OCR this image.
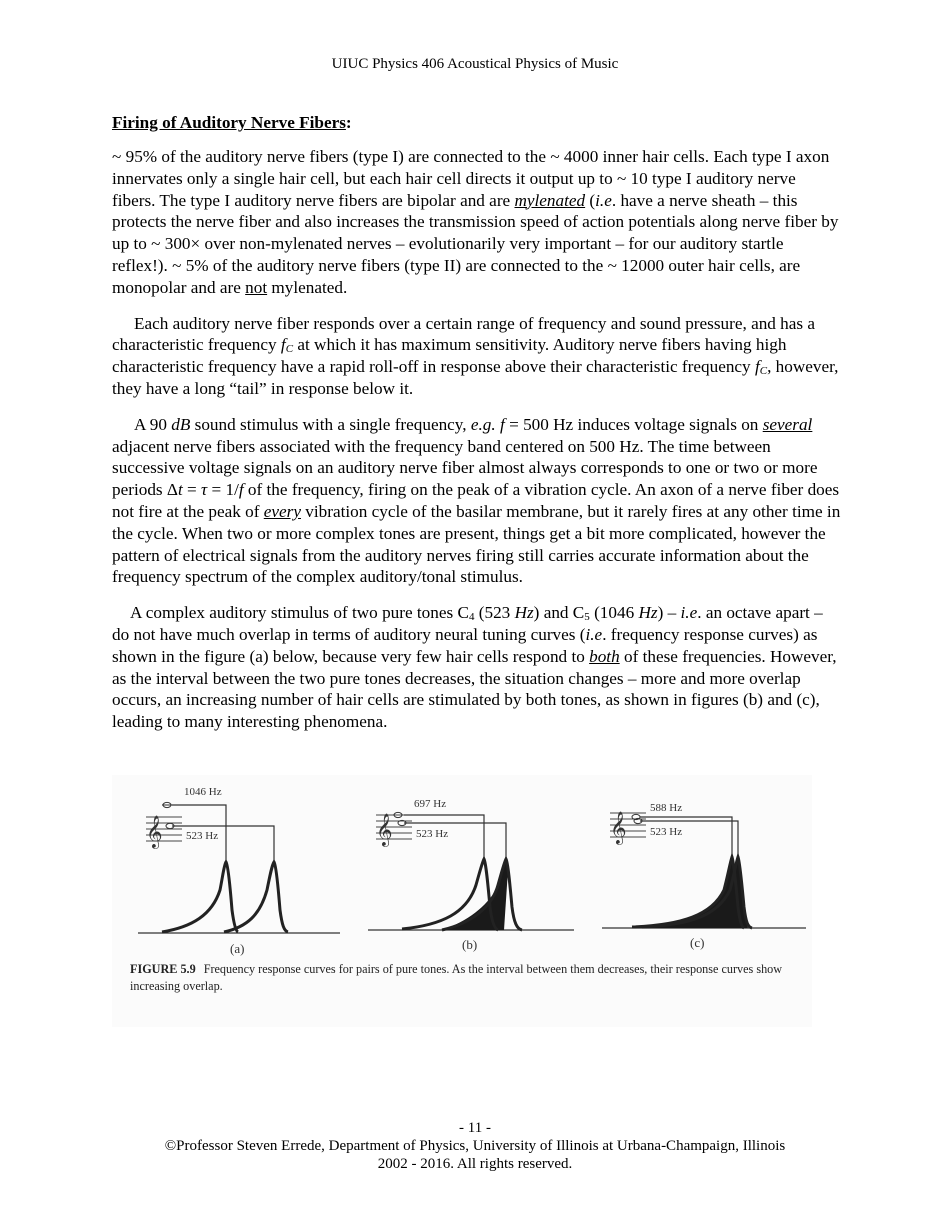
UIUC Physics 406 Acoustical Physics of Music
Firing of Auditory Nerve Fibers:

~ 95% of the auditory nerve fibers (type I) are connected to the ~ 4000 inner hair cells. Each type I axon innervates only a single hair cell, but each hair cell directs it output up to ~ 10 type I auditory nerve fibers. The type I auditory nerve fibers are bipolar and are mylenated (i.e. have a nerve sheath – this protects the nerve fiber and also increases the transmission speed of action potentials along nerve fiber by up to ~ 300× over non-mylenated nerves – evolutionarily very important – for our auditory startle reflex!). ~ 5% of the auditory nerve fibers (type II) are connected to the ~ 12000 outer hair cells, are monopolar and are not mylenated.

Each auditory nerve fiber responds over a certain range of frequency and sound pressure, and has a characteristic frequency $f_C$ at which it has maximum sensitivity. Auditory nerve fibers having high characteristic frequency have a rapid roll-off in response above their characteristic frequency $f_C$, however, they have a long “tail” in response below it.

A 90 dB sound stimulus with a single frequency, e.g. f = 500 Hz induces voltage signals on several adjacent nerve fibers associated with the frequency band centered on 500 Hz. The time between successive voltage signals on an auditory nerve fiber almost always corresponds to one or two or more periods Δt = τ = 1/f of the frequency, firing on the peak of a vibration cycle. An axon of a nerve fiber does not fire at the peak of every vibration cycle of the basilar membrane, but it rarely fires at any other time in the cycle. When two or more complex tones are present, things get a bit more complicated, however the pattern of electrical signals from the auditory nerves firing still carries accurate information about the frequency spectrum of the complex auditory/tonal stimulus.

A complex auditory stimulus of two pure tones $C_4$ (523 Hz) and $C_5$ (1046 Hz) – i.e. an octave apart – do not have much overlap in terms of auditory neural tuning curves (i.e. frequency response curves) as shown in the figure (a) below, because very few hair cells respond to both of these frequencies. However, as the interval between the two pure tones decreases, the situation changes – more and more overlap occurs, an increasing number of hair cells are stimulated by both tones, as shown in figures (b) and (c), leading to many interesting phenomena.

𝄞
1046 Hz
523 Hz
(a)
𝄞
697 Hz
523 Hz
(b)
𝄞
588 Hz
523 Hz
(c)
FIGURE 5.9 Frequency response curves for pairs of pure tones. As the interval between them decreases, their response curves show increasing overlap.
- 11 -
©Professor Steven Errede, Department of Physics, University of Illinois at Urbana-Champaign, Illinois
2002 - 2016. All rights reserved.
